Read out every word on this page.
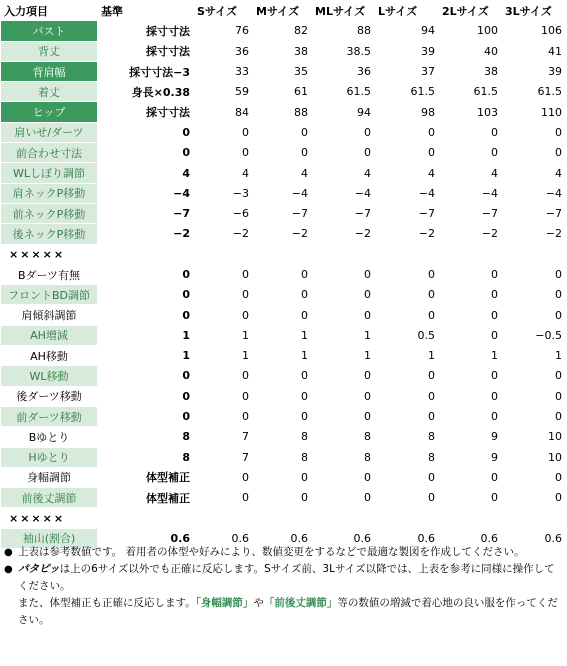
入力項目	基準	Sサイズ	Mサイズ	MLサイズ	Lサイズ	2Lサイズ	3Lサイズ
バスト	採寸寸法	76	82	88	94	100	106
背丈	採寸寸法	36	38	38.5	39	40	41
背肩幅	採寸寸法−3	33	35	36	37	38	39
着丈	身長×0.38	59	61	61.5	61.5	61.5	61.5
ヒップ	採寸寸法	84	88	94	98	103	110
肩いせ/ダーツ	0	0	0	0	0	0	0
前合わせ寸法	0	0	0	0	0	0	0
WLしぼり調節	4	4	4	4	4	4	4
肩ネックP移動	−4	−3	−4	−4	−4	−4	−4
前ネックP移動	−7	−6	−7	−7	−7	−7	−7
後ネックP移動	−2	−2	−2	−2	−2	−2	−2
×××××							
Bダーツ有無	0	0	0	0	0	0	0
フロントBD調節	0	0	0	0	0	0	0
肩傾斜調節	0	0	0	0	0	0	0
AH増減	1	1	1	1	0.5	0	−0.5
AH移動	1	1	1	1	1	1	1
WL移動	0	0	0	0	0	0	0
後ダーツ移動	0	0	0	0	0	0	0
前ダーツ移動	0	0	0	0	0	0	0
Bゆとり	8	7	8	8	8	9	10
Hゆとり	8	7	8	8	8	9	10
身幅調節	体型補正	0	0	0	0	0	0
前後丈調節	体型補正	0	0	0	0	0	0
×××××							
袖山(割合)	0.6	0.6	0.6	0.6	0.6	0.6	0.6
● 上表は参考数値です。 着用者の体型や好みにより、数値変更をするなどで最適な製図を作成してください。
● パタピッは上の6サイズ以外でも正確に反応します。Sサイズ前、3Lサイズ以降では、上表を参考に同様に操作してください。
また、体型補正も正確に反応します。「身幅調節」や「前後丈調節」等の数値の増減で着心地の良い服を作ってください。
